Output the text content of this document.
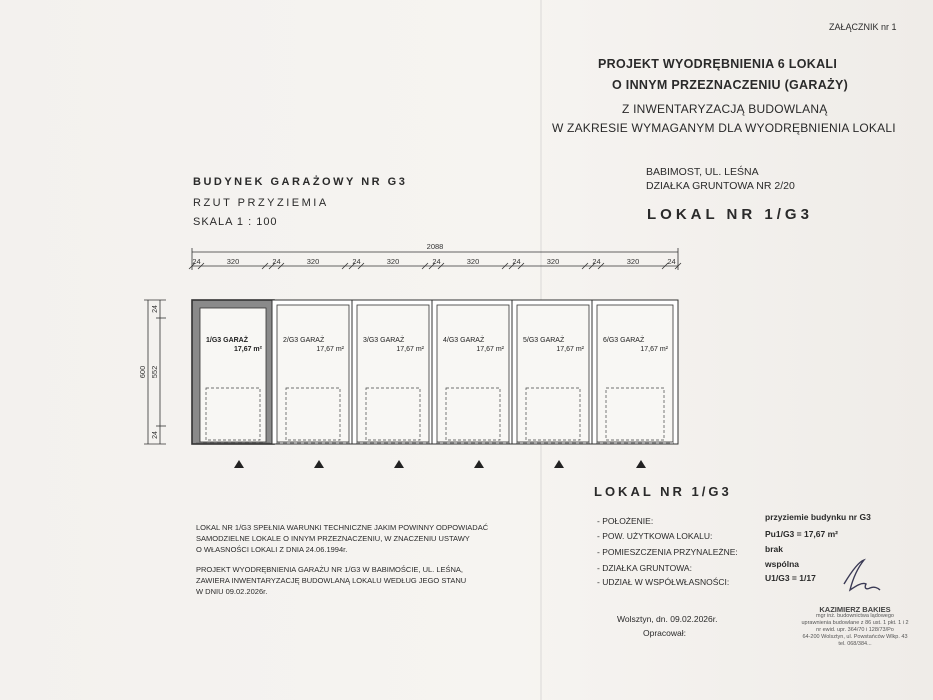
ZAŁĄCZNIK nr 1
PROJEKT WYODRĘBNIENIA 6 LOKALI
O INNYM PRZEZNACZENIU (GARAŻY)
Z INWENTARYZACJĄ BUDOWLANĄ
W ZAKRESIE WYMAGANYM DLA WYODRĘBNIENIA LOKALI
BABIMOST, UL. LEŚNA
DZIAŁKA GRUNTOWA NR 2/20
LOKAL NR 1/G3
BUDYNEK GARAŻOWY NR G3
RZUT PRZYZIEMIA
SKALA 1 : 100
2088
24	320	24	320	24	320	24	320	24	320	24	320	24
600 552
24
24
1/G3 GARAŻ
17,67 m²
2/G3 GARAŻ
17,67 m²
3/G3 GARAŻ
17,67 m²
4/G3 GARAŻ
17,67 m²
5/G3 GARAŻ
17,67 m²
6/G3 GARAŻ
17,67 m²
LOKAL NR 1/G3
- POŁOŻENIE:	przyziemie budynku nr G3
- POW. UŻYTKOWA LOKALU:	Pu1/G3 = 17,67 m²
- POMIESZCZENIA PRZYNALEŻNE:	brak
- DZIAŁKA GRUNTOWA:	wspólna
- UDZIAŁ W WSPÓŁWŁASNOŚCI:	U1/G3 = 1/17
LOKAL NR 1/G3 SPEŁNIA WARUNKI TECHNICZNE JAKIM POWINNY ODPOWIADAĆ
SAMODZIELNE LOKALE O INNYM PRZEZNACZENIU, W ZNACZENIU USTAWY
O WŁASNOŚCI LOKALI Z DNIA 24.06.1994r.
PROJEKT WYODRĘBNIENIA GARAŻU NR 1/G3 W BABIMOŚCIE, UL. LEŚNA,
ZAWIERA INWENTARYZACJĘ BUDOWLANĄ LOKALU WEDŁUG JEGO STANU
W DNIU 09.02.2026r.
Wolsztyn, dn. 09.02.2026r.
Opracował:
KAZIMIERZ BAKIES
mgr inż. budownictwa lądowego
uprawnienia budowlane z 86 ust. 1 pkt. 1 i 2
nr ewid. upr. 364/70 i 128/73/Po
64-200 Wolsztyn, ul. Powstańców Wlkp. 43
tel. 068/384...
